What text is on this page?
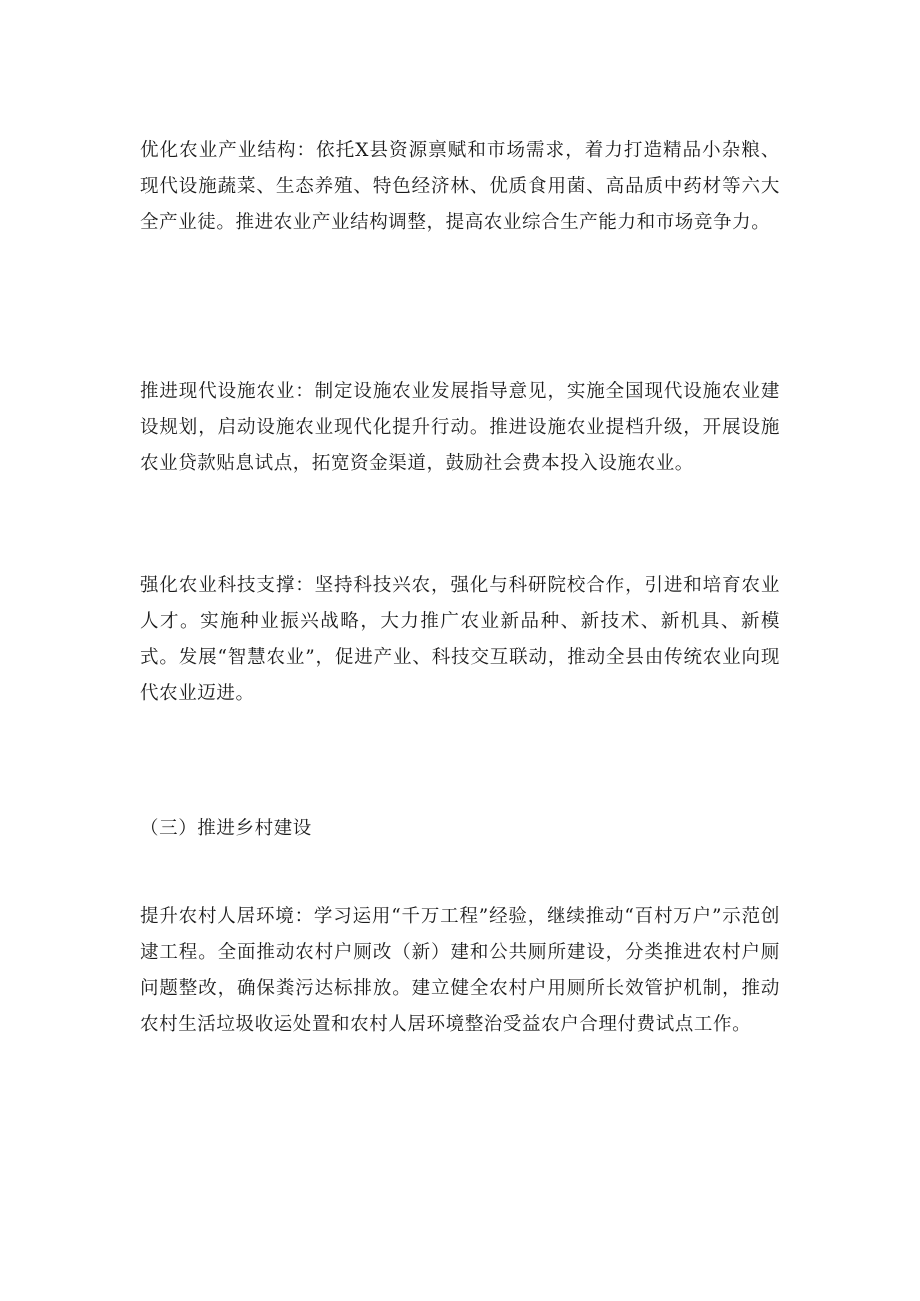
优化农业产业结构：依托X县资源禀赋和市场需求，着力打造精品小杂粮、现代设施蔬菜、生态养殖、特色经济林、优质食用菌、高品质中药材等六大全产业徒。推进农业产业结构调整，提高农业综合生产能力和市场竞争力。

推进现代设施农业：制定设施农业发展指导意见，实施全国现代设施农业建设规划，启动设施农业现代化提升行动。推进设施农业提档升级，开展设施农业贷款贴息试点，拓宽资金渠道，鼓励社会费本投入设施农业。

强化农业科技支撑：坚持科技兴农，强化与科研院校合作，引进和培育农业人才。实施种业振兴战略，大力推广农业新品种、新技术、新机具、新模式。发展“智慧农业”，促进产业、科技交互联动，推动全县由传统农业向现代农业迈进。

（三）推进乡村建设

提升农村人居环境：学习运用“千万工程”经验，继续推动“百村万户”示范创逮工程。全面推动农村户厕改（新）建和公共厕所建设，分类推进农村户厕问题整改，确保粪污达标排放。建立健全农村户用厕所长效管护机制，推动农村生活垃圾收运处置和农村人居环境整治受益农户合理付费试点工作。
